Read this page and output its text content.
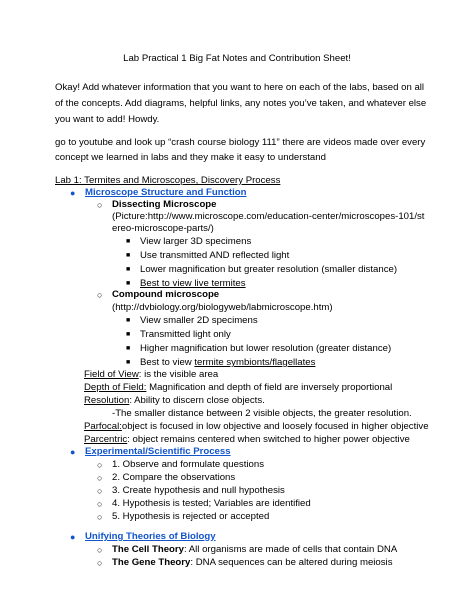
Lab Practical 1 Big Fat Notes and Contribution Sheet!
Okay! Add whatever information that you want to here on each of the labs, based on all
of the concepts. Add diagrams, helpful links, any notes you’ve taken, and whatever else
you want to add! Howdy.
go to youtube and look up “crash course biology 111” there are videos made over every
concept we learned in labs and they make it easy to understand
Lab 1: Termites and Microscopes, Discovery Process
● Microscope Structure and Function
○ Dissecting Microscope
(Picture:http://www.microscope.com/education-center/microscopes-101/st
ereo-microscope-parts/)
■ View larger 3D specimens
■ Use transmitted AND reflected light
■ Lower magnification but greater resolution (smaller distance)
■ Best to view live termites
○ Compound microscope
(http://dvbiology.org/biologyweb/labmicroscope.htm)
■ View smaller 2D specimens
■ Transmitted light only
■ Higher magnification but lower resolution (greater distance)
■ Best to view termite symbionts/flagellates
Field of View: is the visible area
Depth of Field: Magnification and depth of field are inversely proportional
Resolution: Ability to discern close objects.
-The smaller distance between 2 visible objects, the greater resolution.
Parfocal:object is focused in low objective and loosely focused in higher objective
Parcentric: object remains centered when switched to higher power objective
● Experimental/Scientific Process
○ 1. Observe and formulate questions
○ 2. Compare the observations
○ 3. Create hypothesis and null hypothesis
○ 4. Hypothesis is tested; Variables are identified
○ 5. Hypothesis is rejected or accepted
● Unifying Theories of Biology
○ The Cell Theory: All organisms are made of cells that contain DNA
○ The Gene Theory: DNA sequences can be altered during meiosis
